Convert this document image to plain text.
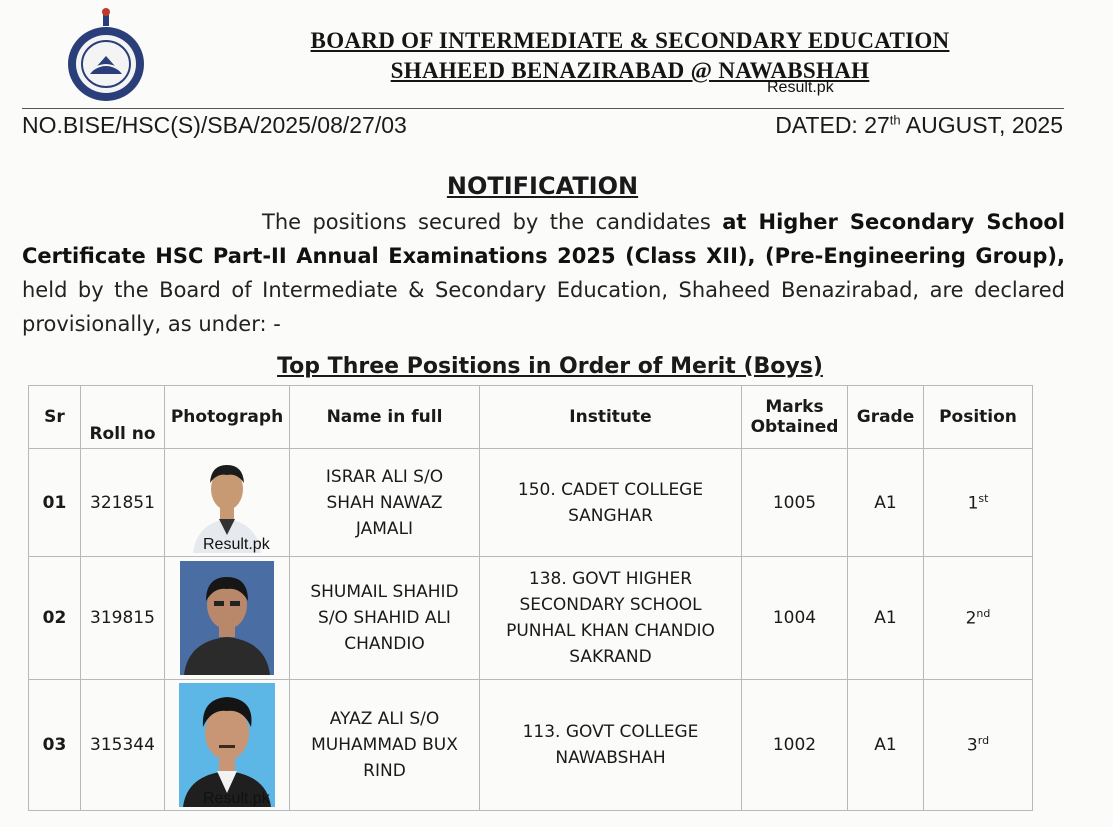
BOARD OF INTERMEDIATE & SECONDARY EDUCATION
SHAHEED BENAZIRABAD @ NAWABSHAH
Result.pk
NO.BISE/HSC(S)/SBA/2025/08/27/03	DATED: 27th AUGUST, 2025
NOTIFICATION
The positions secured by the candidates at Higher Secondary School Certificate HSC Part-II Annual Examinations 2025 (Class XII), (Pre-Engineering Group), held by the Board of Intermediate & Secondary Education, Shaheed Benazirabad, are declared provisionally, as under: -
Top Three Positions in Order of Merit (Boys)
Sr	Roll no	Photograph	Name in full	Institute	Marks
Obtained	Grade	Position
01	321851	Result.pk	ISRAR ALI S/O
SHAH NAWAZ
JAMALI	150. CADET COLLEGE
SANGHAR	1005	A1	1st
02	319815		SHUMAIL SHAHID
S/O SHAHID ALI
CHANDIO	138. GOVT HIGHER
SECONDARY SCHOOL
PUNHAL KHAN CHANDIO
SAKRAND	1004	A1	2nd
03	315344	Result.pk	AYAZ ALI S/O
MUHAMMAD BUX
RIND	113. GOVT COLLEGE
NAWABSHAH	1002	A1	3rd
